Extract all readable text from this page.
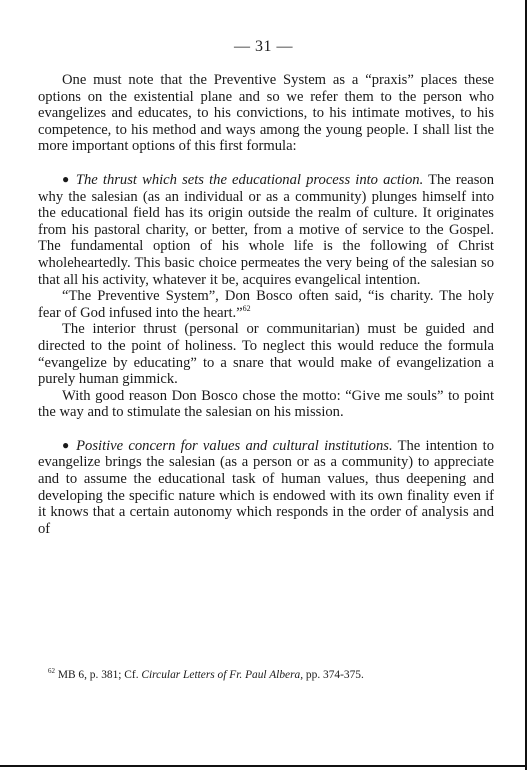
— 31 —

One must note that the Preventive System as a “praxis” places these options on the existential plane and so we refer them to the person who evangelizes and educates, to his convictions, to his intimate motives, to his competence, to his method and ways among the young people. I shall list the more important options of this first formula:

● The thrust which sets the educational process into action. The reason why the salesian (as an individual or as a community) plunges himself into the educational field has its origin outside the realm of culture. It originates from his pastoral charity, or better, from a motive of service to the Gospel. The fundamental option of his whole life is the following of Christ wholeheartedly. This basic choice permeates the very being of the salesian so that all his activity, whatever it be, acquires evangelical intention.

“The Preventive System”, Don Bosco often said, “is charity. The holy fear of God infused into the heart.”$^{62}$

The interior thrust (personal or communitarian) must be guided and directed to the point of holiness. To neglect this would reduce the formula “evangelize by educating” to a snare that would make of evangelization a purely human gimmick.

With good reason Don Bosco chose the motto: “Give me souls” to point the way and to stimulate the salesian on his mission.

● Positive concern for values and cultural institutions. The intention to evangelize brings the salesian (as a person or as a community) to appreciate and to assume the educational task of human values, thus deepening and developing the specific nature which is endowed with its own finality even if it knows that a certain autonomy which responds in the order of analysis and of

$^{62}$ MB 6, p. 381; Cf. Circular Letters of Fr. Paul Albera, pp. 374-375.
